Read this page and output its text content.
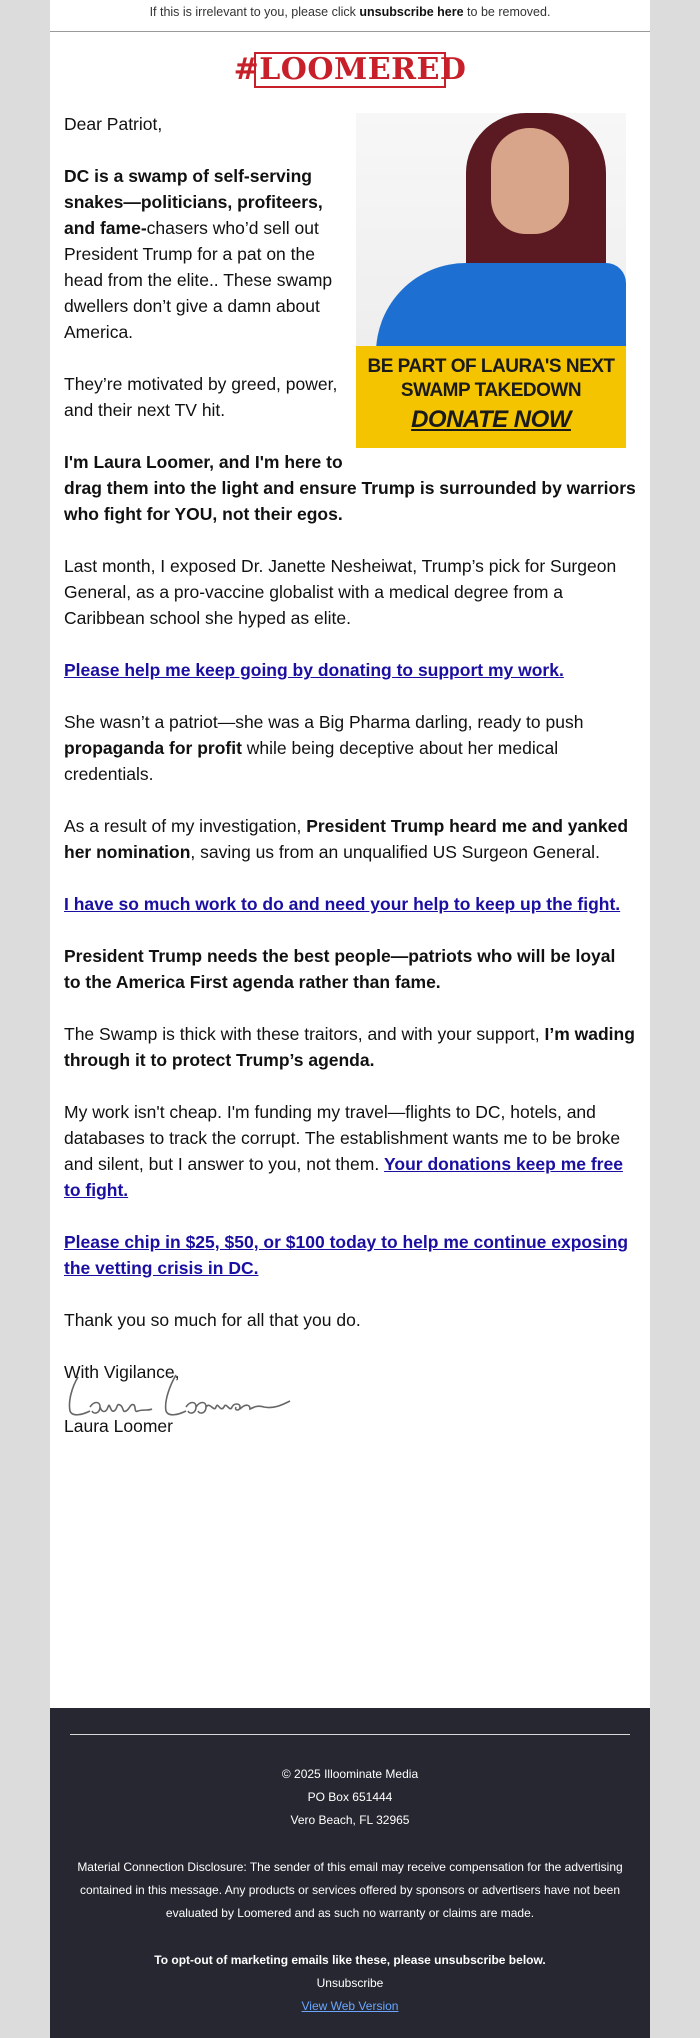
If this is irrelevant to you, please click unsubscribe here to be removed.
#LOOMERED
BE PART OF LAURA'S NEXT
SWAMP TAKEDOWN
DONATE NOW

Dear Patriot,

DC is a swamp of self-serving snakes—politicians, profiteers, and fame-chasers who’d sell out President Trump for a pat on the head from the elite.. These swamp dwellers don’t give a damn about America.

They’re motivated by greed, power, and their next TV hit.

I'm Laura Loomer, and I'm here to drag them into the light and ensure Trump is surrounded by warriors who fight for YOU, not their egos.

Last month, I exposed Dr. Janette Nesheiwat, Trump’s pick for Surgeon General, as a pro-vaccine globalist with a medical degree from a Caribbean school she hyped as elite.

Please help me keep going by donating to support my work.

She wasn’t a patriot—she was a Big Pharma darling, ready to push propaganda for profit while being deceptive about her medical credentials.

As a result of my investigation, President Trump heard me and yanked her nomination, saving us from an unqualified US Surgeon General.

I have so much work to do and need your help to keep up the fight.

President Trump needs the best people—patriots who will be loyal to the America First agenda rather than fame.

The Swamp is thick with these traitors, and with your support, I’m wading through it to protect Trump’s agenda.

My work isn't cheap. I'm funding my travel—flights to DC, hotels, and databases to track the corrupt. The establishment wants me to be broke and silent, but I answer to you, not them. Your donations keep me free to fight.

Please chip in $25, $50, or $100 today to help me continue exposing the vetting crisis in DC.

Thank you so much for all that you do.

With Vigilance,

Laura Loomer

© 2025 Illoominate Media

PO Box 651444

Vero Beach, FL 32965

Material Connection Disclosure: The sender of this email may receive compensation for the advertising contained in this message. Any products or services offered by sponsors or advertisers have not been evaluated by Loomered and as such no warranty or claims are made.

To opt-out of marketing emails like these, please unsubscribe below.

Unsubscribe

View Web Version
